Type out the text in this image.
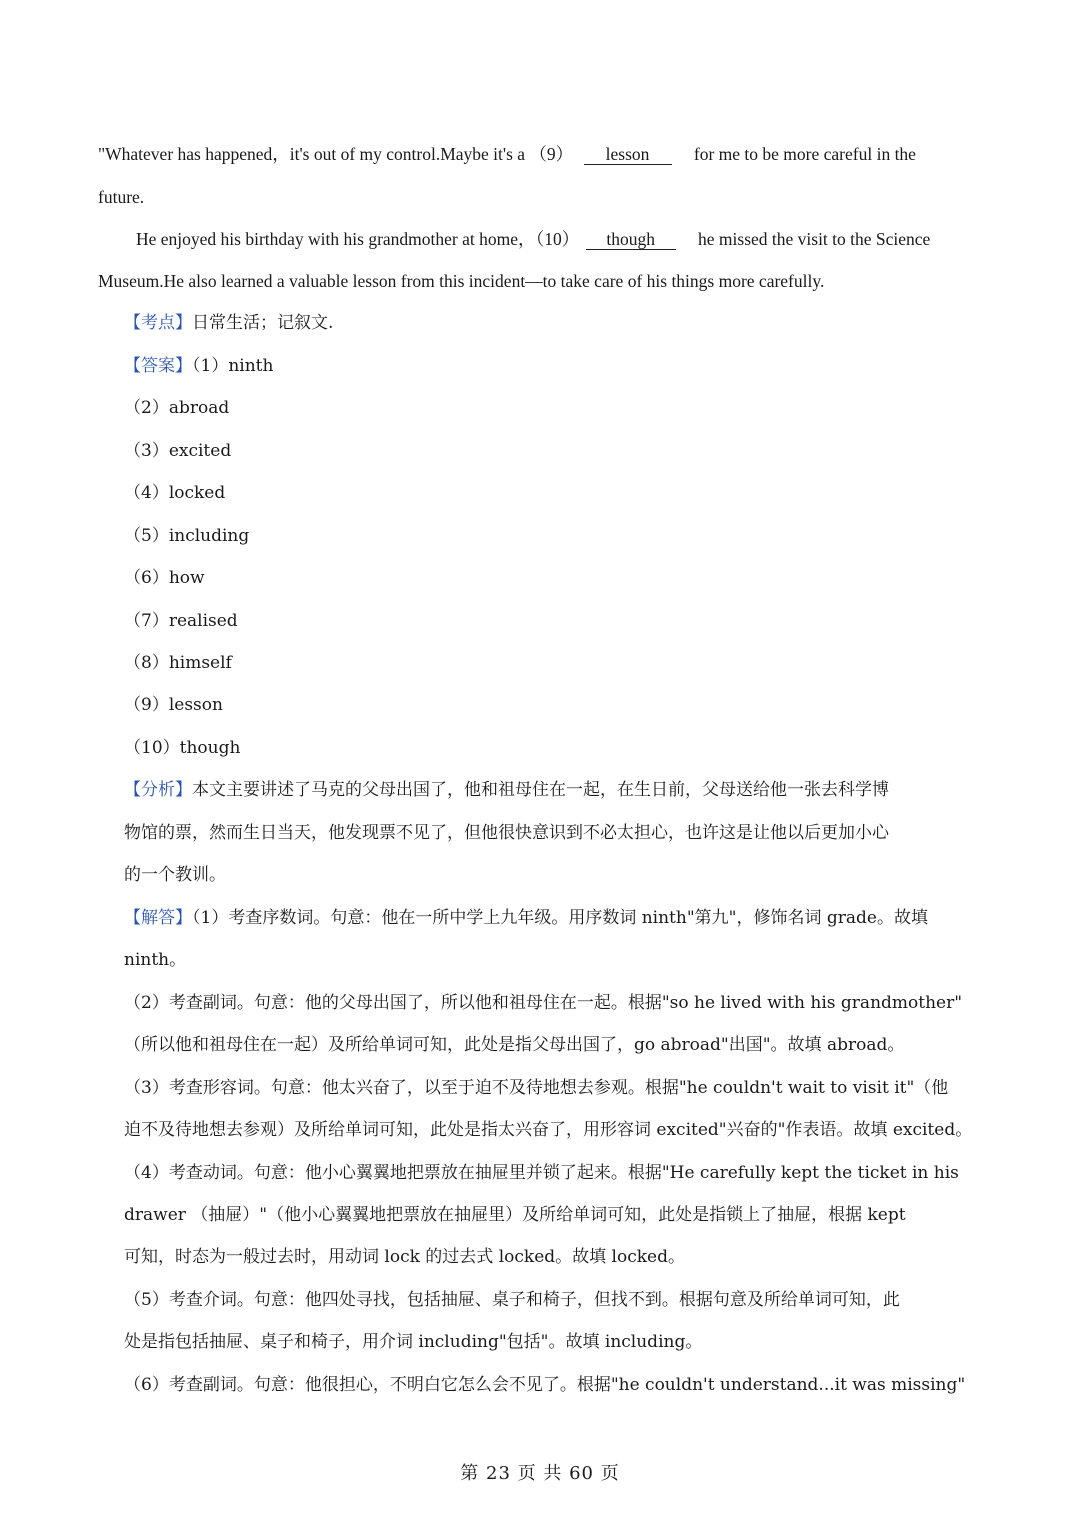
"Whatever has happened，it's out of my control.Maybe it's a （9） lesson	for me to be more careful in the
future.
He enjoyed his birthday with his grandmother at home，（10） though he missed the visit to the Science
Museum.He also learned a valuable lesson from this incident—to take care of his things more carefully.
【考点】日常生活；记叙文.
【答案】（1）ninth
（2）abroad
（3）excited
（4）locked
（5）including
（6）how
（7）realised
（8）himself
（9）lesson
（10）though
【分析】本文主要讲述了马克的父母出国了，他和祖母住在一起，在生日前，父母送给他一张去科学博
物馆的票，然而生日当天，他发现票不见了，但他很快意识到不必太担心，也许这是让他以后更加小心
的一个教训。
【解答】（1）考查序数词。句意：他在一所中学上九年级。用序数词 ninth"第九"，修饰名词 grade。故填
ninth。
（2）考查副词。句意：他的父母出国了，所以他和祖母住在一起。根据"so he lived with his grandmother"
（所以他和祖母住在一起）及所给单词可知，此处是指父母出国了，go abroad"出国"。故填 abroad。
（3）考查形容词。句意：他太兴奋了，以至于迫不及待地想去参观。根据"he couldn't wait to visit it"（他
迫不及待地想去参观）及所给单词可知，此处是指太兴奋了，用形容词 excited"兴奋的"作表语。故填 excited。
（4）考查动词。句意：他小心翼翼地把票放在抽屉里并锁了起来。根据"He carefully kept the ticket in his
drawer （抽屉）"（他小心翼翼地把票放在抽屉里）及所给单词可知，此处是指锁上了抽屉，根据 kept
可知，时态为一般过去时，用动词 lock 的过去式 locked。故填 locked。
（5）考查介词。句意：他四处寻找，包括抽屉、桌子和椅子，但找不到。根据句意及所给单词可知，此
处是指包括抽屉、桌子和椅子，用介词 including"包括"。故填 including。
（6）考查副词。句意：他很担心，不明白它怎么会不见了。根据"he couldn't understand...it was missing"
第 23 页 共 60 页
